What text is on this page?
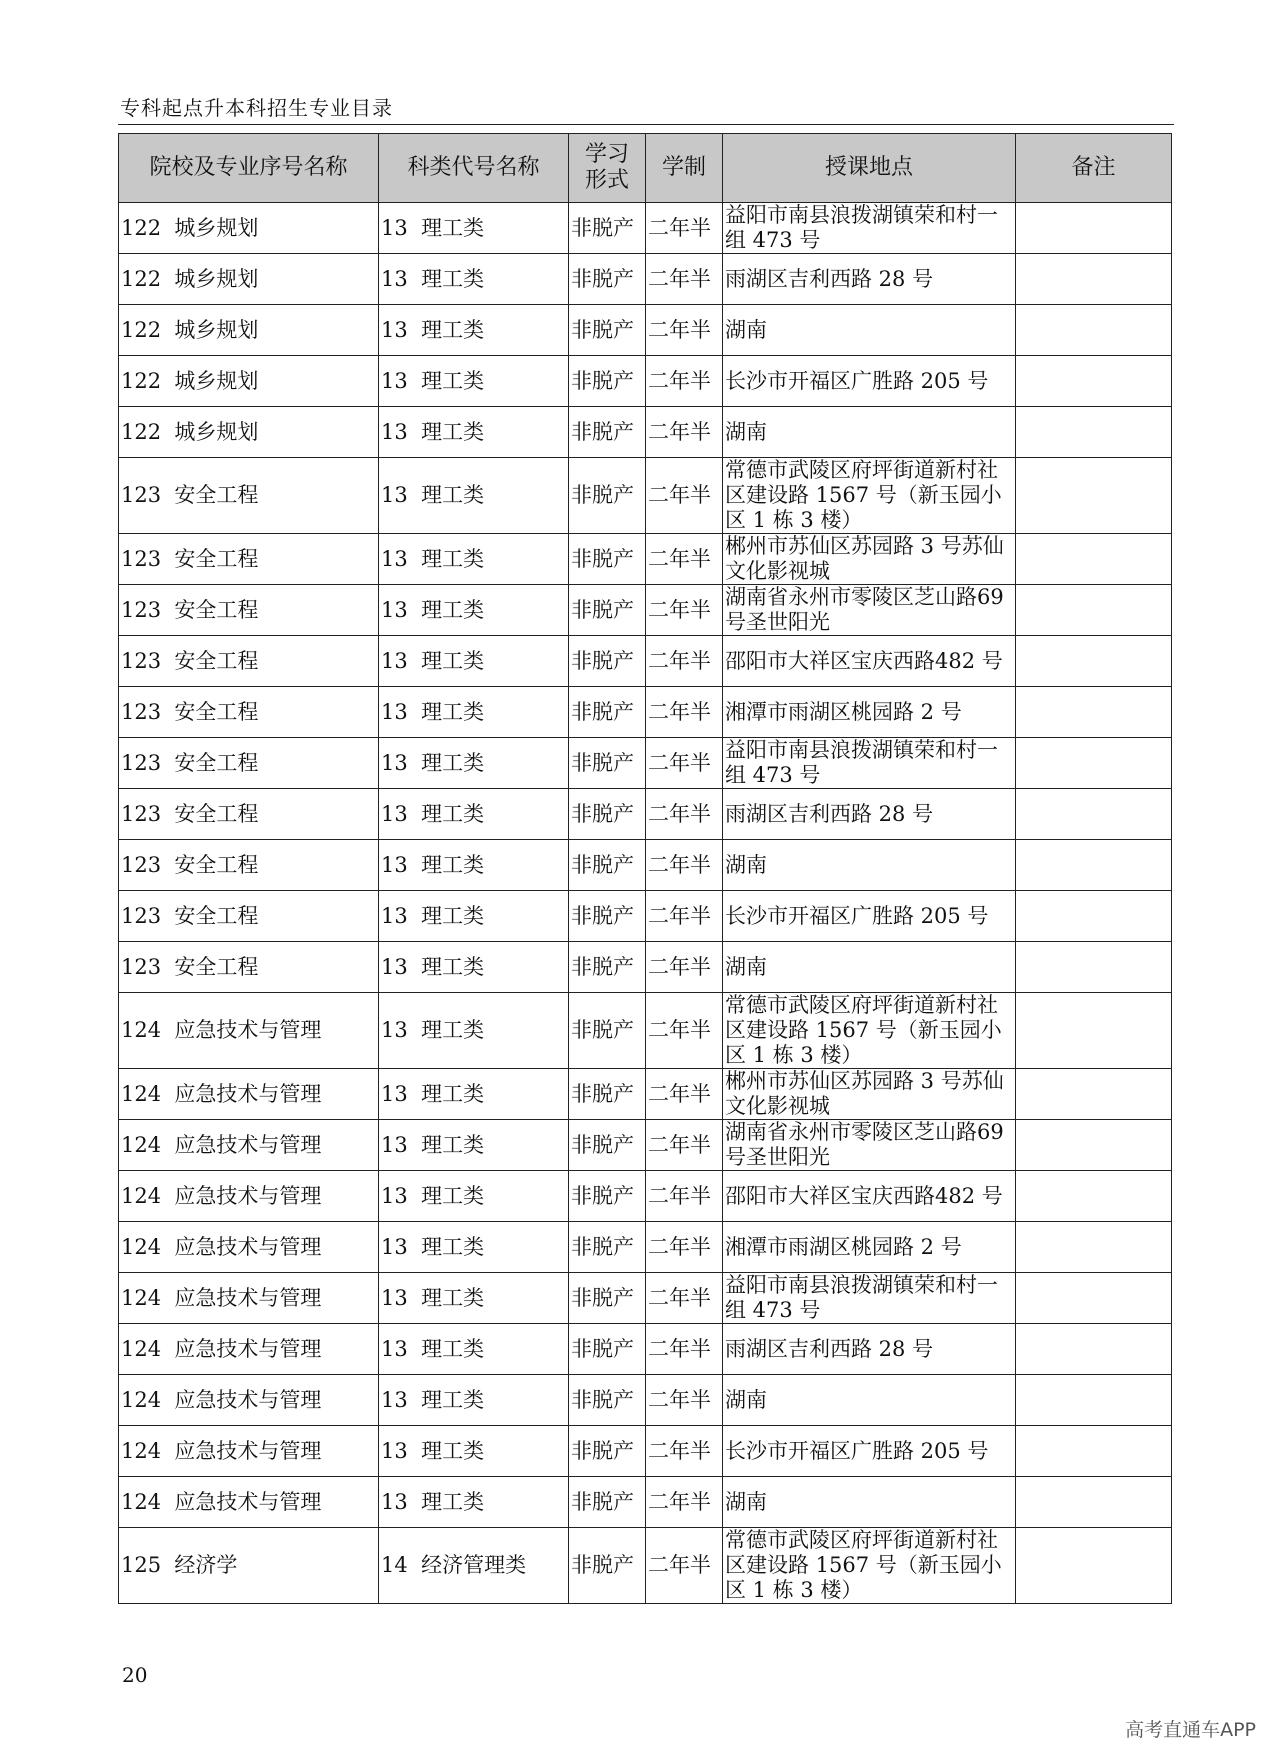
专科起点升本科招生专业目录
院校及专业序号名称	科类代号名称	学习
形式	学制	授课地点	备注
122  城乡规划	13  理工类	非脱产	二年半	益阳市南县浪拨湖镇荣和村一组 473 号	
122  城乡规划	13  理工类	非脱产	二年半	雨湖区吉利西路 28 号	
122  城乡规划	13  理工类	非脱产	二年半	湖南	
122  城乡规划	13  理工类	非脱产	二年半	长沙市开福区广胜路 205 号	
122  城乡规划	13  理工类	非脱产	二年半	湖南	
123  安全工程	13  理工类	非脱产	二年半	常德市武陵区府坪街道新村社区建设路 1567 号（新玉园小区 1 栋 3 楼）	
123  安全工程	13  理工类	非脱产	二年半	郴州市苏仙区苏园路 3 号苏仙文化影视城	
123  安全工程	13  理工类	非脱产	二年半	湖南省永州市零陵区芝山路69 号圣世阳光	
123  安全工程	13  理工类	非脱产	二年半	邵阳市大祥区宝庆西路482 号	
123  安全工程	13  理工类	非脱产	二年半	湘潭市雨湖区桃园路 2 号	
123  安全工程	13  理工类	非脱产	二年半	益阳市南县浪拨湖镇荣和村一组 473 号	
123  安全工程	13  理工类	非脱产	二年半	雨湖区吉利西路 28 号	
123  安全工程	13  理工类	非脱产	二年半	湖南	
123  安全工程	13  理工类	非脱产	二年半	长沙市开福区广胜路 205 号	
123  安全工程	13  理工类	非脱产	二年半	湖南	
124  应急技术与管理	13  理工类	非脱产	二年半	常德市武陵区府坪街道新村社区建设路 1567 号（新玉园小区 1 栋 3 楼）	
124  应急技术与管理	13  理工类	非脱产	二年半	郴州市苏仙区苏园路 3 号苏仙文化影视城	
124  应急技术与管理	13  理工类	非脱产	二年半	湖南省永州市零陵区芝山路69 号圣世阳光	
124  应急技术与管理	13  理工类	非脱产	二年半	邵阳市大祥区宝庆西路482 号	
124  应急技术与管理	13  理工类	非脱产	二年半	湘潭市雨湖区桃园路 2 号	
124  应急技术与管理	13  理工类	非脱产	二年半	益阳市南县浪拨湖镇荣和村一组 473 号	
124  应急技术与管理	13  理工类	非脱产	二年半	雨湖区吉利西路 28 号	
124  应急技术与管理	13  理工类	非脱产	二年半	湖南	
124  应急技术与管理	13  理工类	非脱产	二年半	长沙市开福区广胜路 205 号	
124  应急技术与管理	13  理工类	非脱产	二年半	湖南	
125  经济学	14  经济管理类	非脱产	二年半	常德市武陵区府坪街道新村社区建设路 1567 号（新玉园小区 1 栋 3 楼）	
20
高考直通车APP
